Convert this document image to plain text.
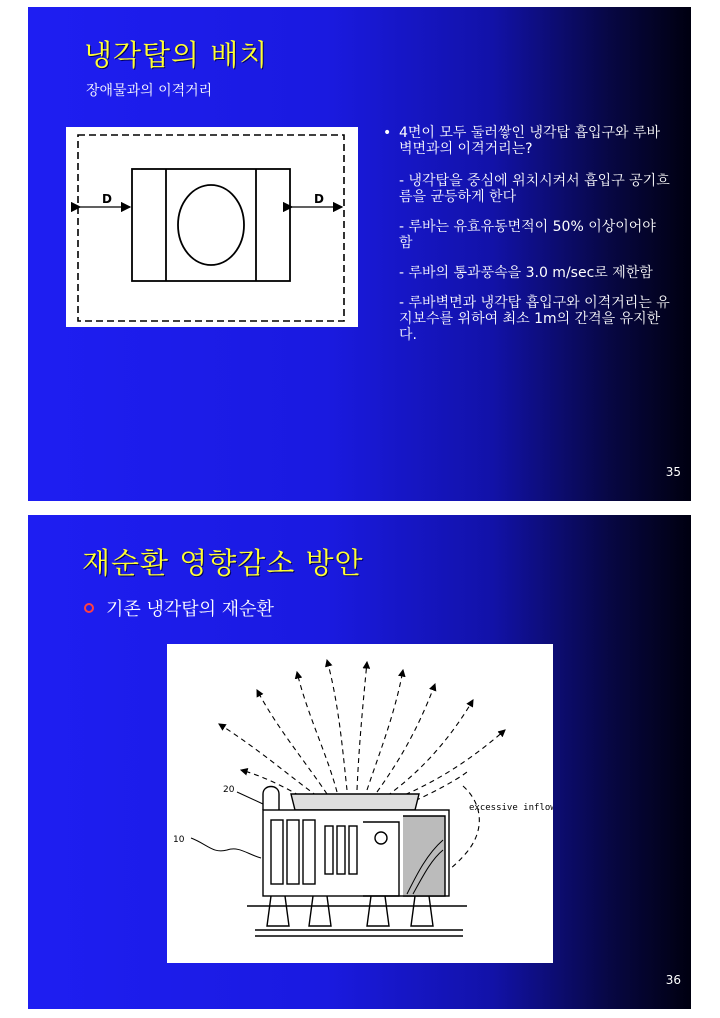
냉각탑의 배치
장애물과의 이격거리
D	D
• 4면이 모두 둘러쌓인 냉각탑 흡입구와 루바 벽면과의 이격거리는?
- 냉각탑을 중심에 위치시켜서 흡입구 공기흐름을 균등하게 한다
- 루바는 유효유동면적이 50% 이상이어야 함
- 루바의 통과풍속을 3.0 m/sec로 제한함
- 루바벽면과 냉각탑 흡입구와 이격거리는 유지보수를 위하여 최소 1m의 간격을 유지한다.
35
재순환 영향감소 방안
기존 냉각탑의 재순환
20
10
excessive inflow
36
